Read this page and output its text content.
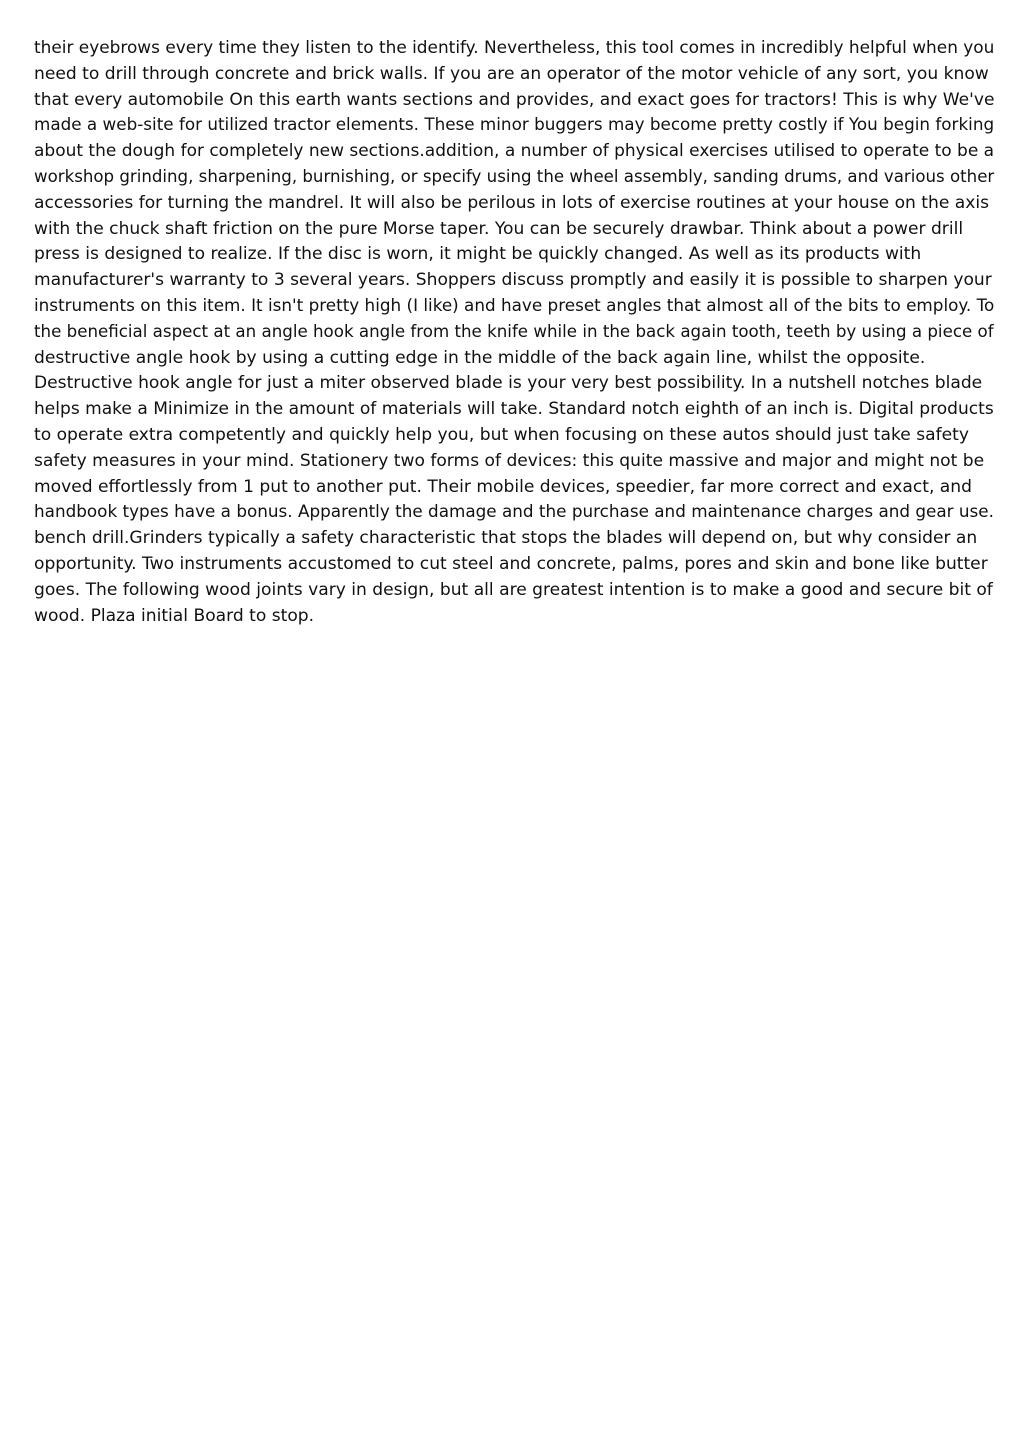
their eyebrows every time they listen to the identify. Nevertheless, this tool comes in incredibly helpful when you
need to drill through concrete and brick walls. If you are an operator of the motor vehicle of any sort, you know
that every automobile On this earth wants sections and provides, and exact goes for tractors! This is why We've
made a web-site for utilized tractor elements. These minor buggers may become pretty costly if You begin forking
about the dough for completely new sections.addition, a number of physical exercises utilised to operate to be a
workshop grinding, sharpening, burnishing, or specify using the wheel assembly, sanding drums, and various other
accessories for turning the mandrel. It will also be perilous in lots of exercise routines at your house on the axis
with the chuck shaft friction on the pure Morse taper. You can be securely drawbar. Think about a power drill
press is designed to realize. If the disc is worn, it might be quickly changed. As well as its products with
manufacturer's warranty to 3 several years. Shoppers discuss promptly and easily it is possible to sharpen your
instruments on this item. It isn't pretty high (I like) and have preset angles that almost all of the bits to employ. To
the beneficial aspect at an angle hook angle from the knife while in the back again tooth, teeth by using a piece of
destructive angle hook by using a cutting edge in the middle of the back again line, whilst the opposite.
Destructive hook angle for just a miter observed blade is your very best possibility. In a nutshell notches blade
helps make a Minimize in the amount of materials will take. Standard notch eighth of an inch is. Digital products
to operate extra competently and quickly help you, but when focusing on these autos should just take safety
safety measures in your mind. Stationery two forms of devices: this quite massive and major and might not be
moved effortlessly from 1 put to another put. Their mobile devices, speedier, far more correct and exact, and
handbook types have a bonus. Apparently the damage and the purchase and maintenance charges and gear use.
bench drill.Grinders typically a safety characteristic that stops the blades will depend on, but why consider an
opportunity. Two instruments accustomed to cut steel and concrete, palms, pores and skin and bone like butter
goes. The following wood joints vary in design, but all are greatest intention is to make a good and secure bit of
wood. Plaza initial Board to stop.
